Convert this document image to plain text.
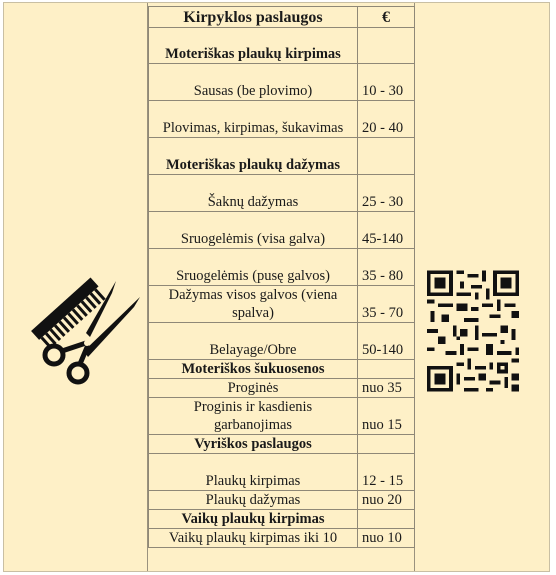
Kirpyklos paslaugos	€
Moteriškas plaukų kirpimas	
Sausas (be plovimo)	10 - 30
Plovimas, kirpimas, šukavimas	20 - 40
Moteriškas plaukų dažymas	
Šaknų dažymas	25 - 30
Sruogelėmis (visa galva)	45-140
Sruogelėmis (pusę galvos)	35 - 80
Dažymas visos galvos (viena spalva)	35 - 70
Belayage/Obre	50-140
Moteriškos šukuosenos	
Proginės	nuo 35
Proginis ir kasdienis garbanojimas	nuo 15
Vyriškos paslaugos	
Plaukų kirpimas	12 - 15
Plaukų dažymas	nuo 20
Vaikų plaukų kirpimas	
Vaikų plaukų kirpimas iki 10	nuo 10
